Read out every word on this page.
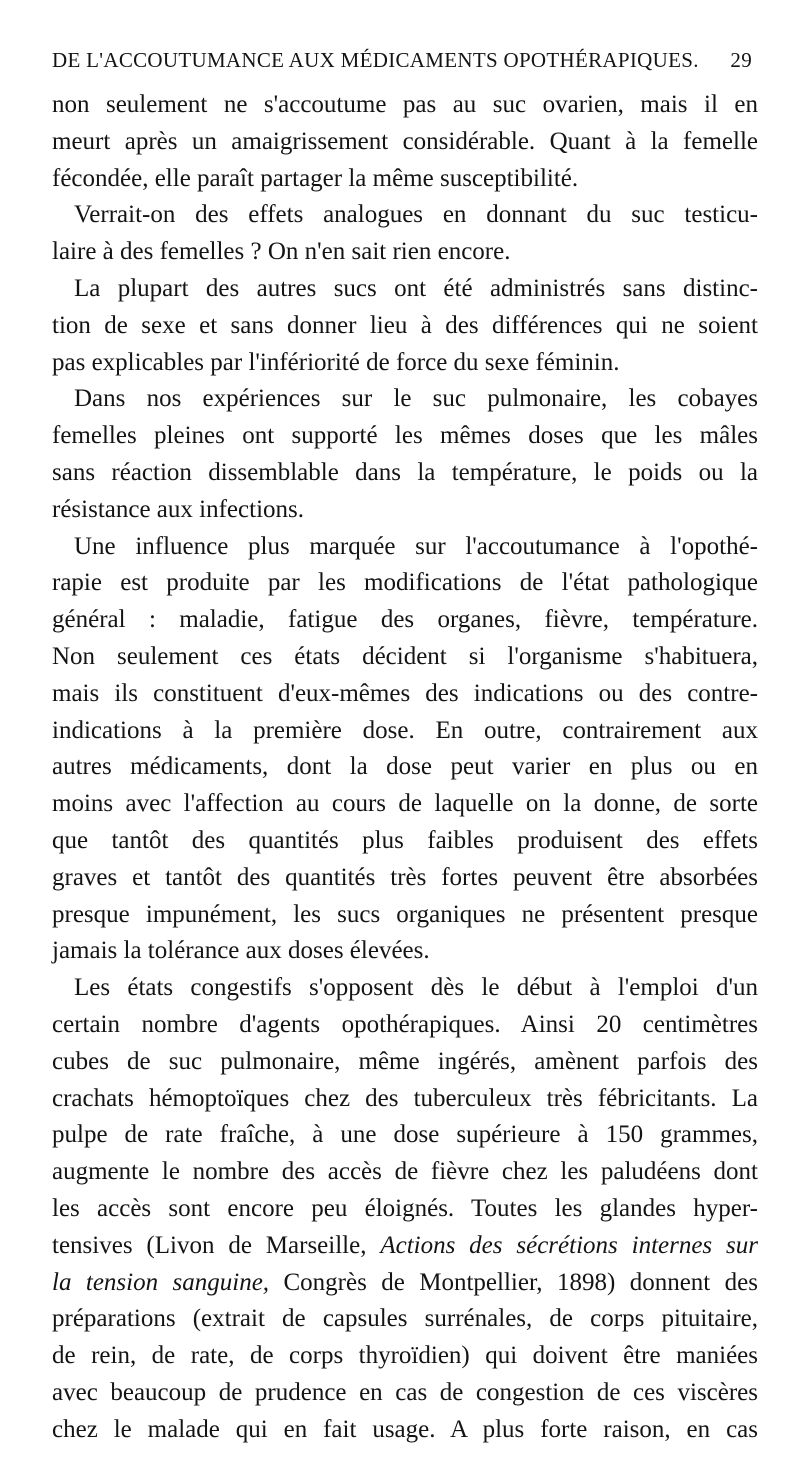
DE L'ACCOUTUMANCE AUX MÉDICAMENTS OPOTHÉRAPIQUES. 29
non seulement ne s'accoutume pas au suc ovarien, mais il en
meurt après un amaigrissement considérable. Quant à la femelle
fécondée, elle paraît partager la même susceptibilité.
Verrait-on des effets analogues en donnant du suc testicu-
laire à des femelles ? On n'en sait rien encore.
La plupart des autres sucs ont été administrés sans distinc-
tion de sexe et sans donner lieu à des différences qui ne soient
pas explicables par l'infériorité de force du sexe féminin.
Dans nos expériences sur le suc pulmonaire, les cobayes
femelles pleines ont supporté les mêmes doses que les mâles
sans réaction dissemblable dans la température, le poids ou la
résistance aux infections.
Une influence plus marquée sur l'accoutumance à l'opothé-
rapie est produite par les modifications de l'état pathologique
général : maladie, fatigue des organes, fièvre, température.
Non seulement ces états décident si l'organisme s'habituera,
mais ils constituent d'eux-mêmes des indications ou des contre-
indications à la première dose. En outre, contrairement aux
autres médicaments, dont la dose peut varier en plus ou en
moins avec l'affection au cours de laquelle on la donne, de sorte
que tantôt des quantités plus faibles produisent des effets
graves et tantôt des quantités très fortes peuvent être absorbées
presque impunément, les sucs organiques ne présentent presque
jamais la tolérance aux doses élevées.
Les états congestifs s'opposent dès le début à l'emploi d'un
certain nombre d'agents opothérapiques. Ainsi 20 centimètres
cubes de suc pulmonaire, même ingérés, amènent parfois des
crachats hémoptoïques chez des tuberculeux très fébricitants. La
pulpe de rate fraîche, à une dose supérieure à 150 grammes,
augmente le nombre des accès de fièvre chez les paludéens dont
les accès sont encore peu éloignés. Toutes les glandes hyper-
tensives (Livon de Marseille, Actions des sécrétions internes sur
la tension sanguine, Congrès de Montpellier, 1898) donnent des
préparations (extrait de capsules surrénales, de corps pituitaire,
de rein, de rate, de corps thyroïdien) qui doivent être maniées
avec beaucoup de prudence en cas de congestion de ces viscères
chez le malade qui en fait usage. A plus forte raison, en cas
